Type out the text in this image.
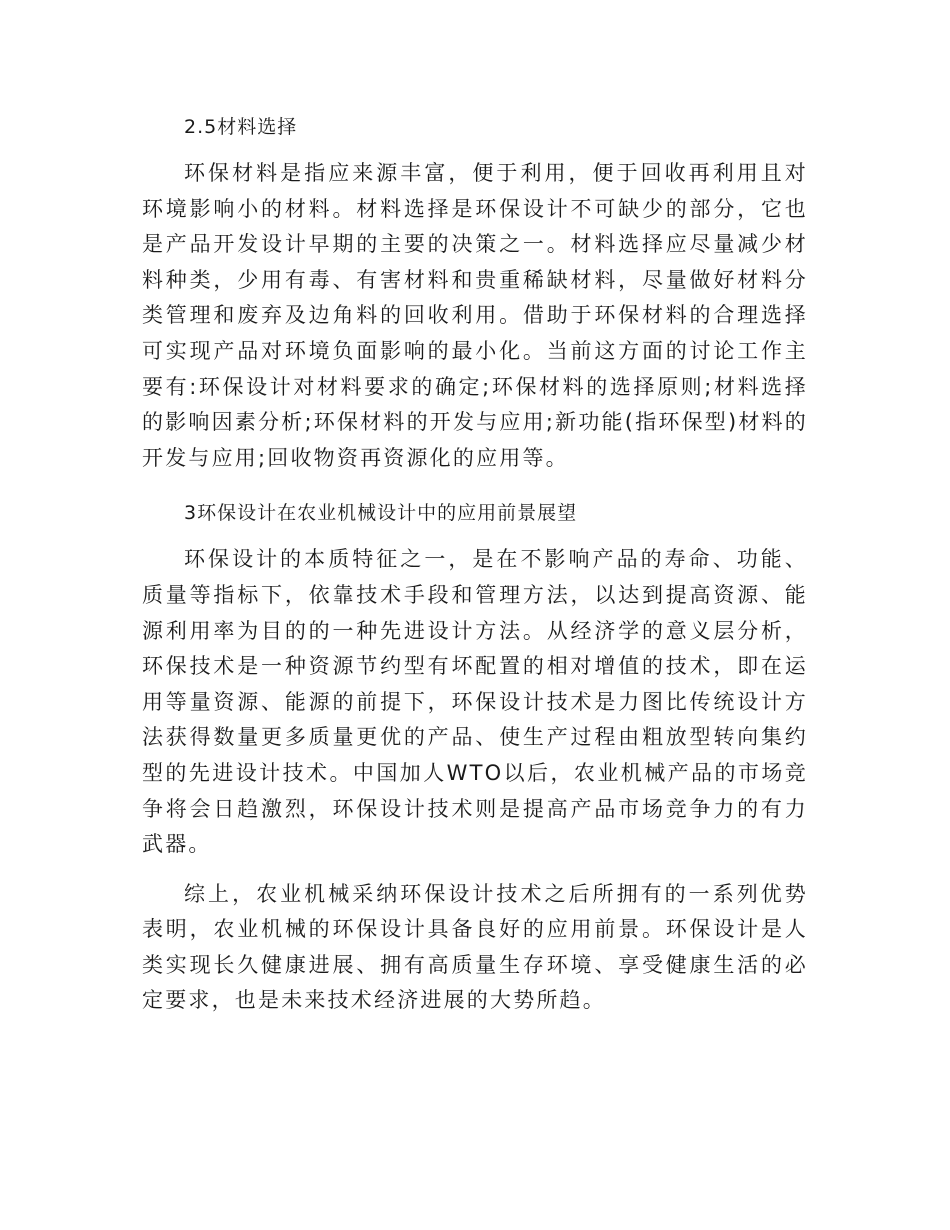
2.5材料选择

环保材料是指应来源丰富，便于利用，便于回收再利用且对环境影响小的材料。材料选择是环保设计不可缺少的部分，它也是产品开发设计早期的主要的决策之一。材料选择应尽量减少材料种类，少用有毒、有害材料和贵重稀缺材料，尽量做好材料分类管理和废弃及边角料的回收利用。借助于环保材料的合理选择可实现产品对环境负面影响的最小化。当前这方面的讨论工作主要有:环保设计对材料要求的确定;环保材料的选择原则;材料选择的影响因素分析;环保材料的开发与应用;新功能(指环保型)材料的开发与应用;回收物资再资源化的应用等。

3环保设计在农业机械设计中的应用前景展望

环保设计的本质特征之一，是在不影响产品的寿命、功能、质量等指标下，依靠技术手段和管理方法，以达到提高资源、能源利用率为目的的一种先进设计方法。从经济学的意义层分析，环保技术是一种资源节约型有坏配置的相对增值的技术，即在运用等量资源、能源的前提下，环保设计技术是力图比传统设计方法获得数量更多质量更优的产品、使生产过程由粗放型转向集约型的先进设计技术。中国加人WTO以后，农业机械产品的市场竞争将会日趋激烈，环保设计技术则是提高产品市场竞争力的有力武器。

综上，农业机械采纳环保设计技术之后所拥有的一系列优势表明，农业机械的环保设计具备良好的应用前景。环保设计是人类实现长久健康进展、拥有高质量生存环境、享受健康生活的必定要求，也是未来技术经济进展的大势所趋。
